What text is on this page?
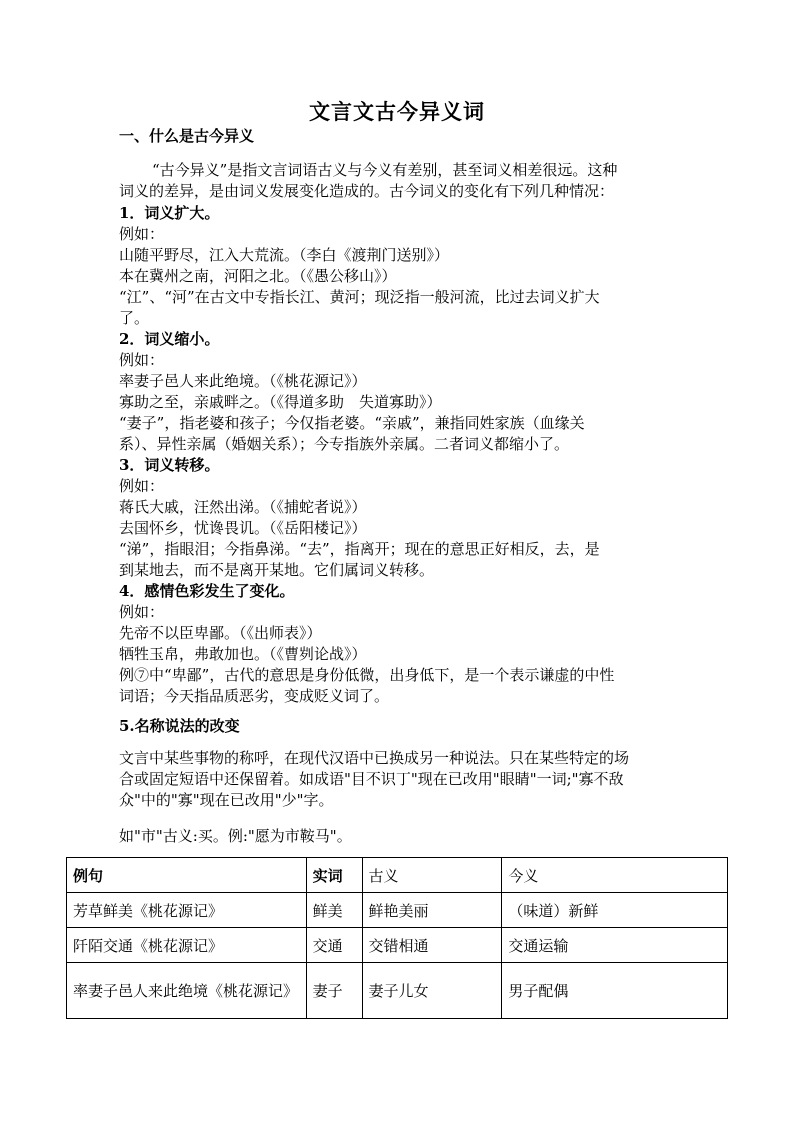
文言文古今异义词
一、什么是古今异义
“古今异义”是指文言词语古义与今义有差别，甚至词义相差很远。这种
词义的差异，是由词义发展变化造成的。古今词义的变化有下列几种情况：
1．词义扩大。
例如：
山随平野尽，江入大荒流。（李白《渡荆门送别》）
本在冀州之南，河阳之北。（《愚公移山》）
“江”、“河”在古文中专指长江、黄河；现泛指一般河流，比过去词义扩大
了。
2．词义缩小。
例如：
率妻子邑人来此绝境。（《桃花源记》）
寡助之至，亲戚畔之。（《得道多助　失道寡助》）
“妻子”，指老婆和孩子；今仅指老婆。“亲戚”，兼指同姓家族（血缘关
系）、异性亲属（婚姻关系）；今专指族外亲属。二者词义都缩小了。
3．词义转移。
例如：
蒋氏大戚，汪然出涕。（《捕蛇者说》）
去国怀乡，忧谗畏讥。（《岳阳楼记》）
“涕”，指眼泪；今指鼻涕。“去”，指离开；现在的意思正好相反，去，是
到某地去，而不是离开某地。它们属词义转移。
4．感情色彩发生了变化。
例如：
先帝不以臣卑鄙。（《出师表》）
牺牲玉帛，弗敢加也。（《曹刿论战》）
例⑦中“卑鄙”，古代的意思是身份低微，出身低下，是一个表示谦虚的中性
词语；今天指品质恶劣，变成贬义词了。
5.名称说法的改变
文言中某些事物的称呼，在现代汉语中已换成另一种说法。只在某些特定的场
合或固定短语中还保留着。如成语"目不识丁"现在已改用"眼睛"一词;"寡不敌
众"中的"寡"现在已改用"少"字。
如"市"古义:买。例:"愿为市鞍马"。
例句	实词	古义	今义
芳草鲜美《桃花源记》	鲜美	鲜艳美丽	（味道）新鲜
阡陌交通《桃花源记》	交通	交错相通	交通运输
率妻子邑人来此绝境《桃花源记》	妻子	妻子儿女	男子配偶
